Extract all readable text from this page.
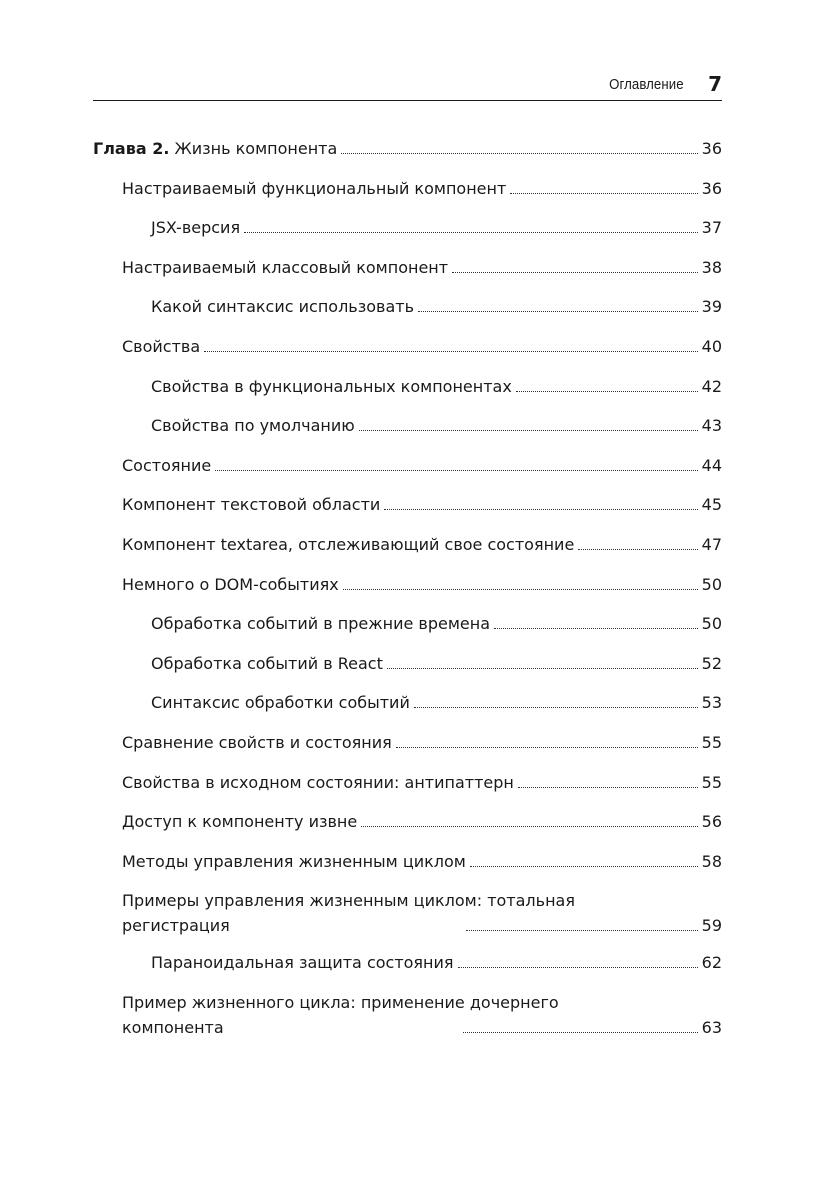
Оглавление 7
Глава 2. Жизнь компонента	36
Настраиваемый функциональный компонент	36
JSX-версия	37
Настраиваемый классовый компонент	38
Какой синтаксис использовать	39
Свойства	40
Свойства в функциональных компонентах	42
Свойства по умолчанию	43
Состояние	44
Компонент текстовой области	45
Компонент textarea, отслеживающий свое состояние	47
Немного о DOM-событиях	50
Обработка событий в прежние времена	50
Обработка событий в React	52
Синтаксис обработки событий	53
Сравнение свойств и состояния	55
Свойства в исходном состоянии: антипаттерн	55
Доступ к компоненту извне	56
Методы управления жизненным циклом	58
Примеры управления жизненным циклом: тотальная
регистрация	59
Параноидальная защита состояния	62
Пример жизненного цикла: применение дочернего
компонента	63
